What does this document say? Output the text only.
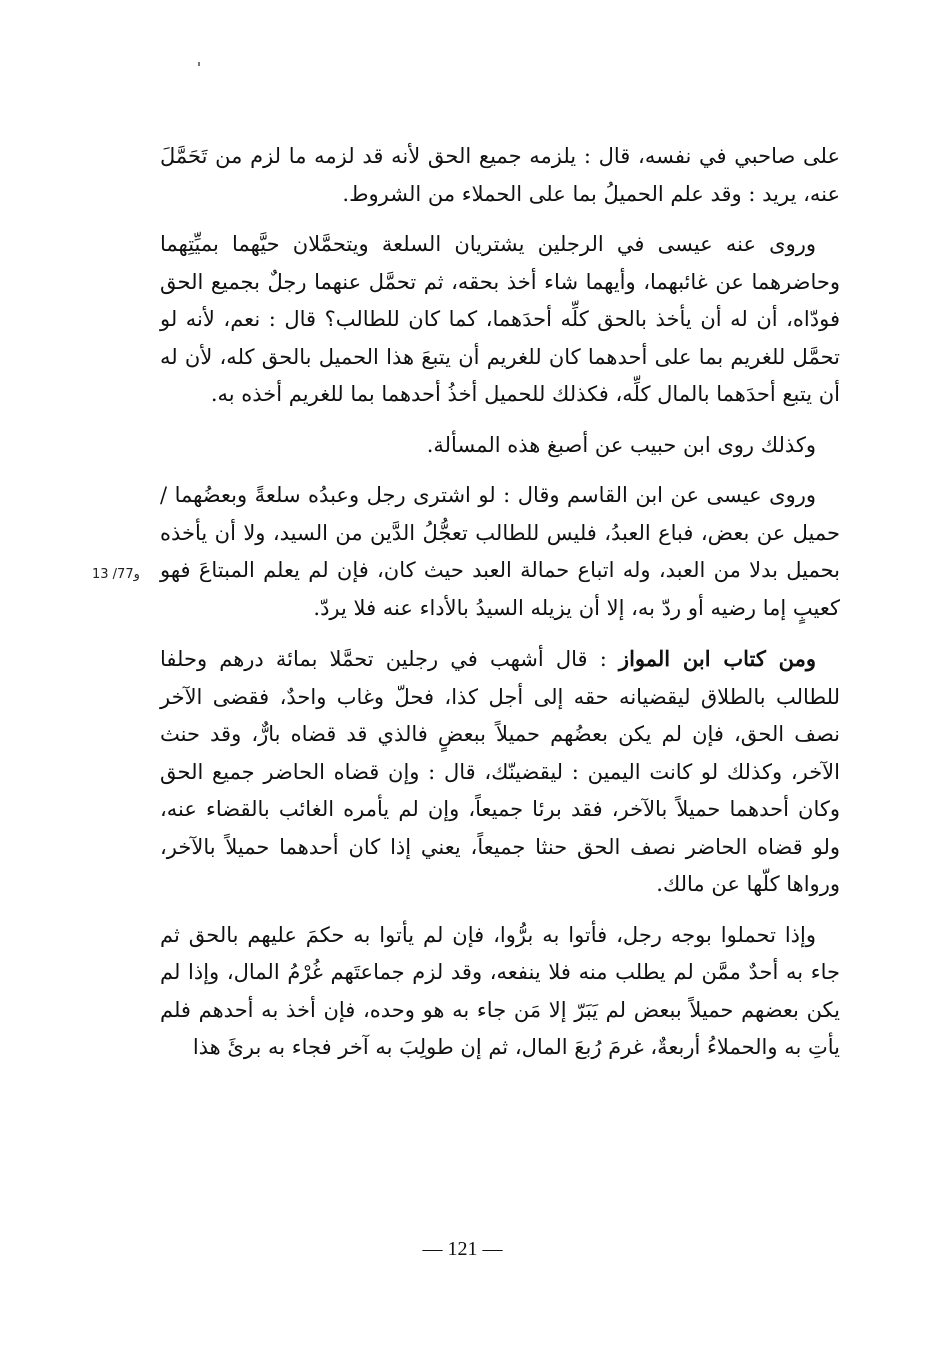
على صاحبي في نفسه، قال : يلزمه جميع الحق لأنه قد لزمه ما لزم من تَحَمَّلَ عنه، يريد : وقد علم الحميلُ بما على الحملاء من الشروط.

وروى عنه عيسى في الرجلين يشتريان السلعة ويتحمَّلان حيَّهما بميِّتِهما وحاضرهما عن غائبهما، وأيهما شاء أخذ بحقه، ثم تحمَّل عنهما رجلٌ بجميع الحق فودّاه، أن له أن يأخذ بالحق كلِّه أحدَهما، كما كان للطالب؟ قال : نعم، لأنه لو تحمَّل للغريم بما على أحدهما كان للغريم أن يتبعَ هذا الحميل بالحق كله، لأن له أن يتبع أحدَهما بالمال كلِّه، فكذلك للحميل أخذُ أحدهما بما للغريم أخذه به.

وكذلك روى ابن حبيب عن أصبغ هذه المسألة.

وروى عيسى عن ابن القاسم وقال : لو اشترى رجل وعبدُه سلعةً وبعضُهما / حميل عن بعض، فباع العبدُ، فليس للطالب تعجُّلُ الدَّين من السيد، ولا أن يأخذه بحميل بدلا من العبد، وله اتباع حمالة العبد حيث كان، فإن لم يعلم المبتاعَ فهو كعيبٍ إما رضيه أو ردّ به، إلا أن يزيله السيدُ بالأداء عنه فلا يردّ.

ومن كتاب ابن المواز : قال أشهب في رجلين تحمَّلا بمائة درهم وحلفا للطالب بالطلاق ليقضيانه حقه إلى أجل كذا، فحلّ وغاب واحدٌ، فقضى الآخر نصف الحق، فإن لم يكن بعضُهم حميلاً ببعضٍ فالذي قد قضاه بارٌّ، وقد حنث الآخر، وكذلك لو كانت اليمين : ليقضينّك، قال : وإن قضاه الحاضر جميع الحق وكان أحدهما حميلاً بالآخر، فقد برئا جميعاً، وإن لم يأمره الغائب بالقضاء عنه، ولو قضاه الحاضر نصف الحق حنثا جميعاً، يعني إذا كان أحدهما حميلاً بالآخر، ورواها كلّها عن مالك.

وإذا تحملوا بوجه رجل، فأتوا به برُّوا، فإن لم يأتوا به حكمَ عليهم بالحق ثم جاء به أحدٌ ممَّن لم يطلب منه فلا ينفعه، وقد لزم جماعتَهم غُرْمُ المال، وإذا لم يكن بعضهم حميلاً ببعض لم يَبَرّ إلا مَن جاء به هو وحده، فإن أخذ به أحدهم فلم يأتِ به والحملاءُ أربعةٌ، غرمَ رُبعَ المال، ثم إن طولِبَ به آخر فجاء به برئَ هذا

13 /77و
— 121 —
